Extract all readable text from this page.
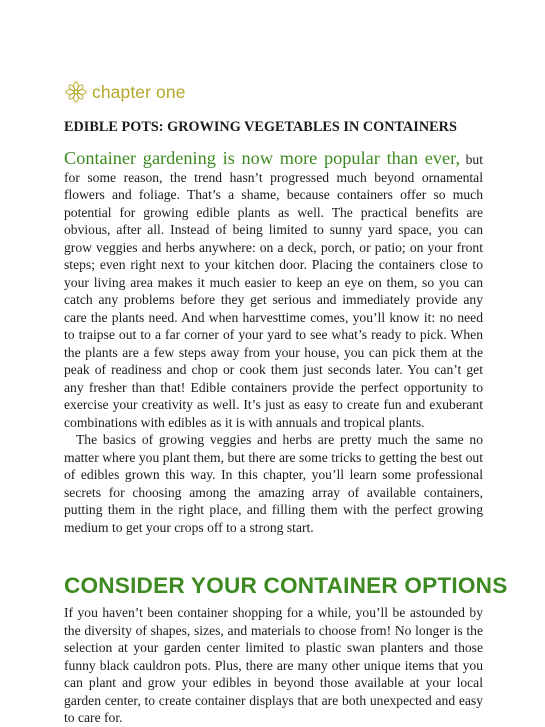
chapter one
EDIBLE POTS: GROWING VEGETABLES IN CONTAINERS

Container gardening is now more popular than ever, but for some reason, the trend hasn’t progressed much beyond ornamental flowers and foliage. That’s a shame, because containers offer so much potential for growing edible plants as well. The practical benefits are obvious, after all. Instead of being limited to sunny yard space, you can grow veggies and herbs anywhere: on a deck, porch, or patio; on your front steps; even right next to your kitchen door. Placing the containers close to your living area makes it much easier to keep an eye on them, so you can catch any problems before they get serious and immediately provide any care the plants need. And when harvesttime comes, you’ll know it: no need to traipse out to a far corner of your yard to see what’s ready to pick. When the plants are a few steps away from your house, you can pick them at the peak of readiness and chop or cook them just seconds later. You can’t get any fresher than that! Edible containers provide the perfect opportunity to exercise your creativity as well. It’s just as easy to create fun and exuberant combinations with edibles as it is with annuals and tropical plants.

The basics of growing veggies and herbs are pretty much the same no matter where you plant them, but there are some tricks to getting the best out of edibles grown this way. In this chapter, you’ll learn some professional secrets for choosing among the amazing array of available containers, putting them in the right place, and filling them with the perfect growing medium to get your crops off to a strong start.

CONSIDER YOUR CONTAINER OPTIONS

If you haven’t been container shopping for a while, you’ll be astounded by the diversity of shapes, sizes, and materials to choose from! No longer is the selection at your garden center limited to plastic swan planters and those funny black cauldron pots. Plus, there are many other unique items that you can plant and grow your edibles in beyond those available at your local garden center, to create container displays that are both unexpected and easy to care for.
